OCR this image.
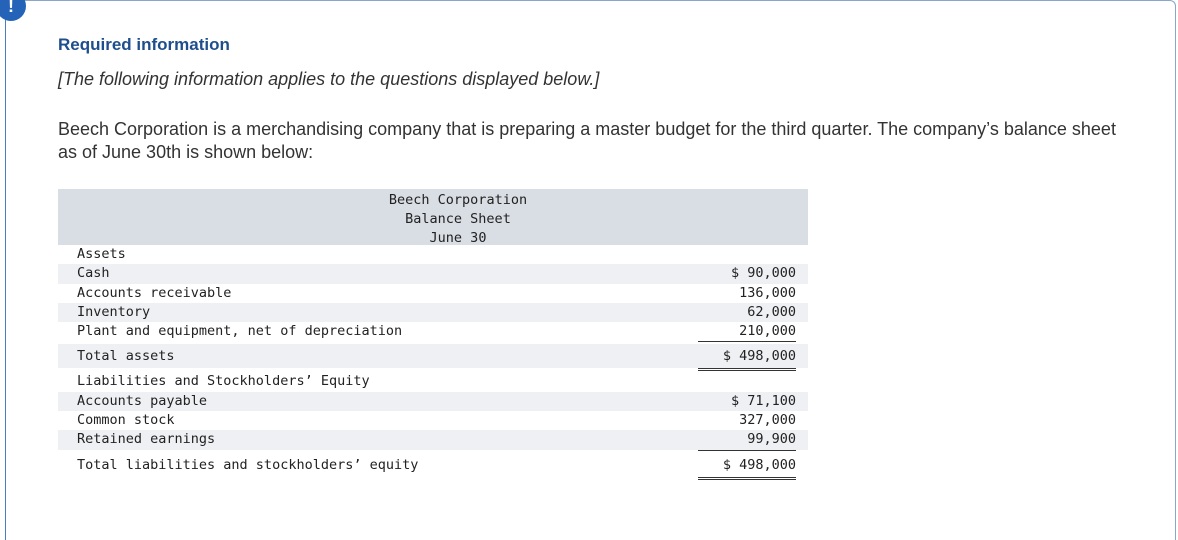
!
Required information
[The following information applies to the questions displayed below.]
Beech Corporation is a merchandising company that is preparing a master budget for the third quarter. The company’s balance sheet as of June 30th is shown below:
Beech Corporation
Balance Sheet
June 30
Assets
Cash	$ 90,000
Accounts receivable	136,000
Inventory	62,000
Plant and equipment, net of depreciation	210,000
Total assets	$ 498,000
Liabilities and Stockholders’ Equity
Accounts payable	$ 71,100
Common stock	327,000
Retained earnings	99,900
Total liabilities and stockholders’ equity	$ 498,000
